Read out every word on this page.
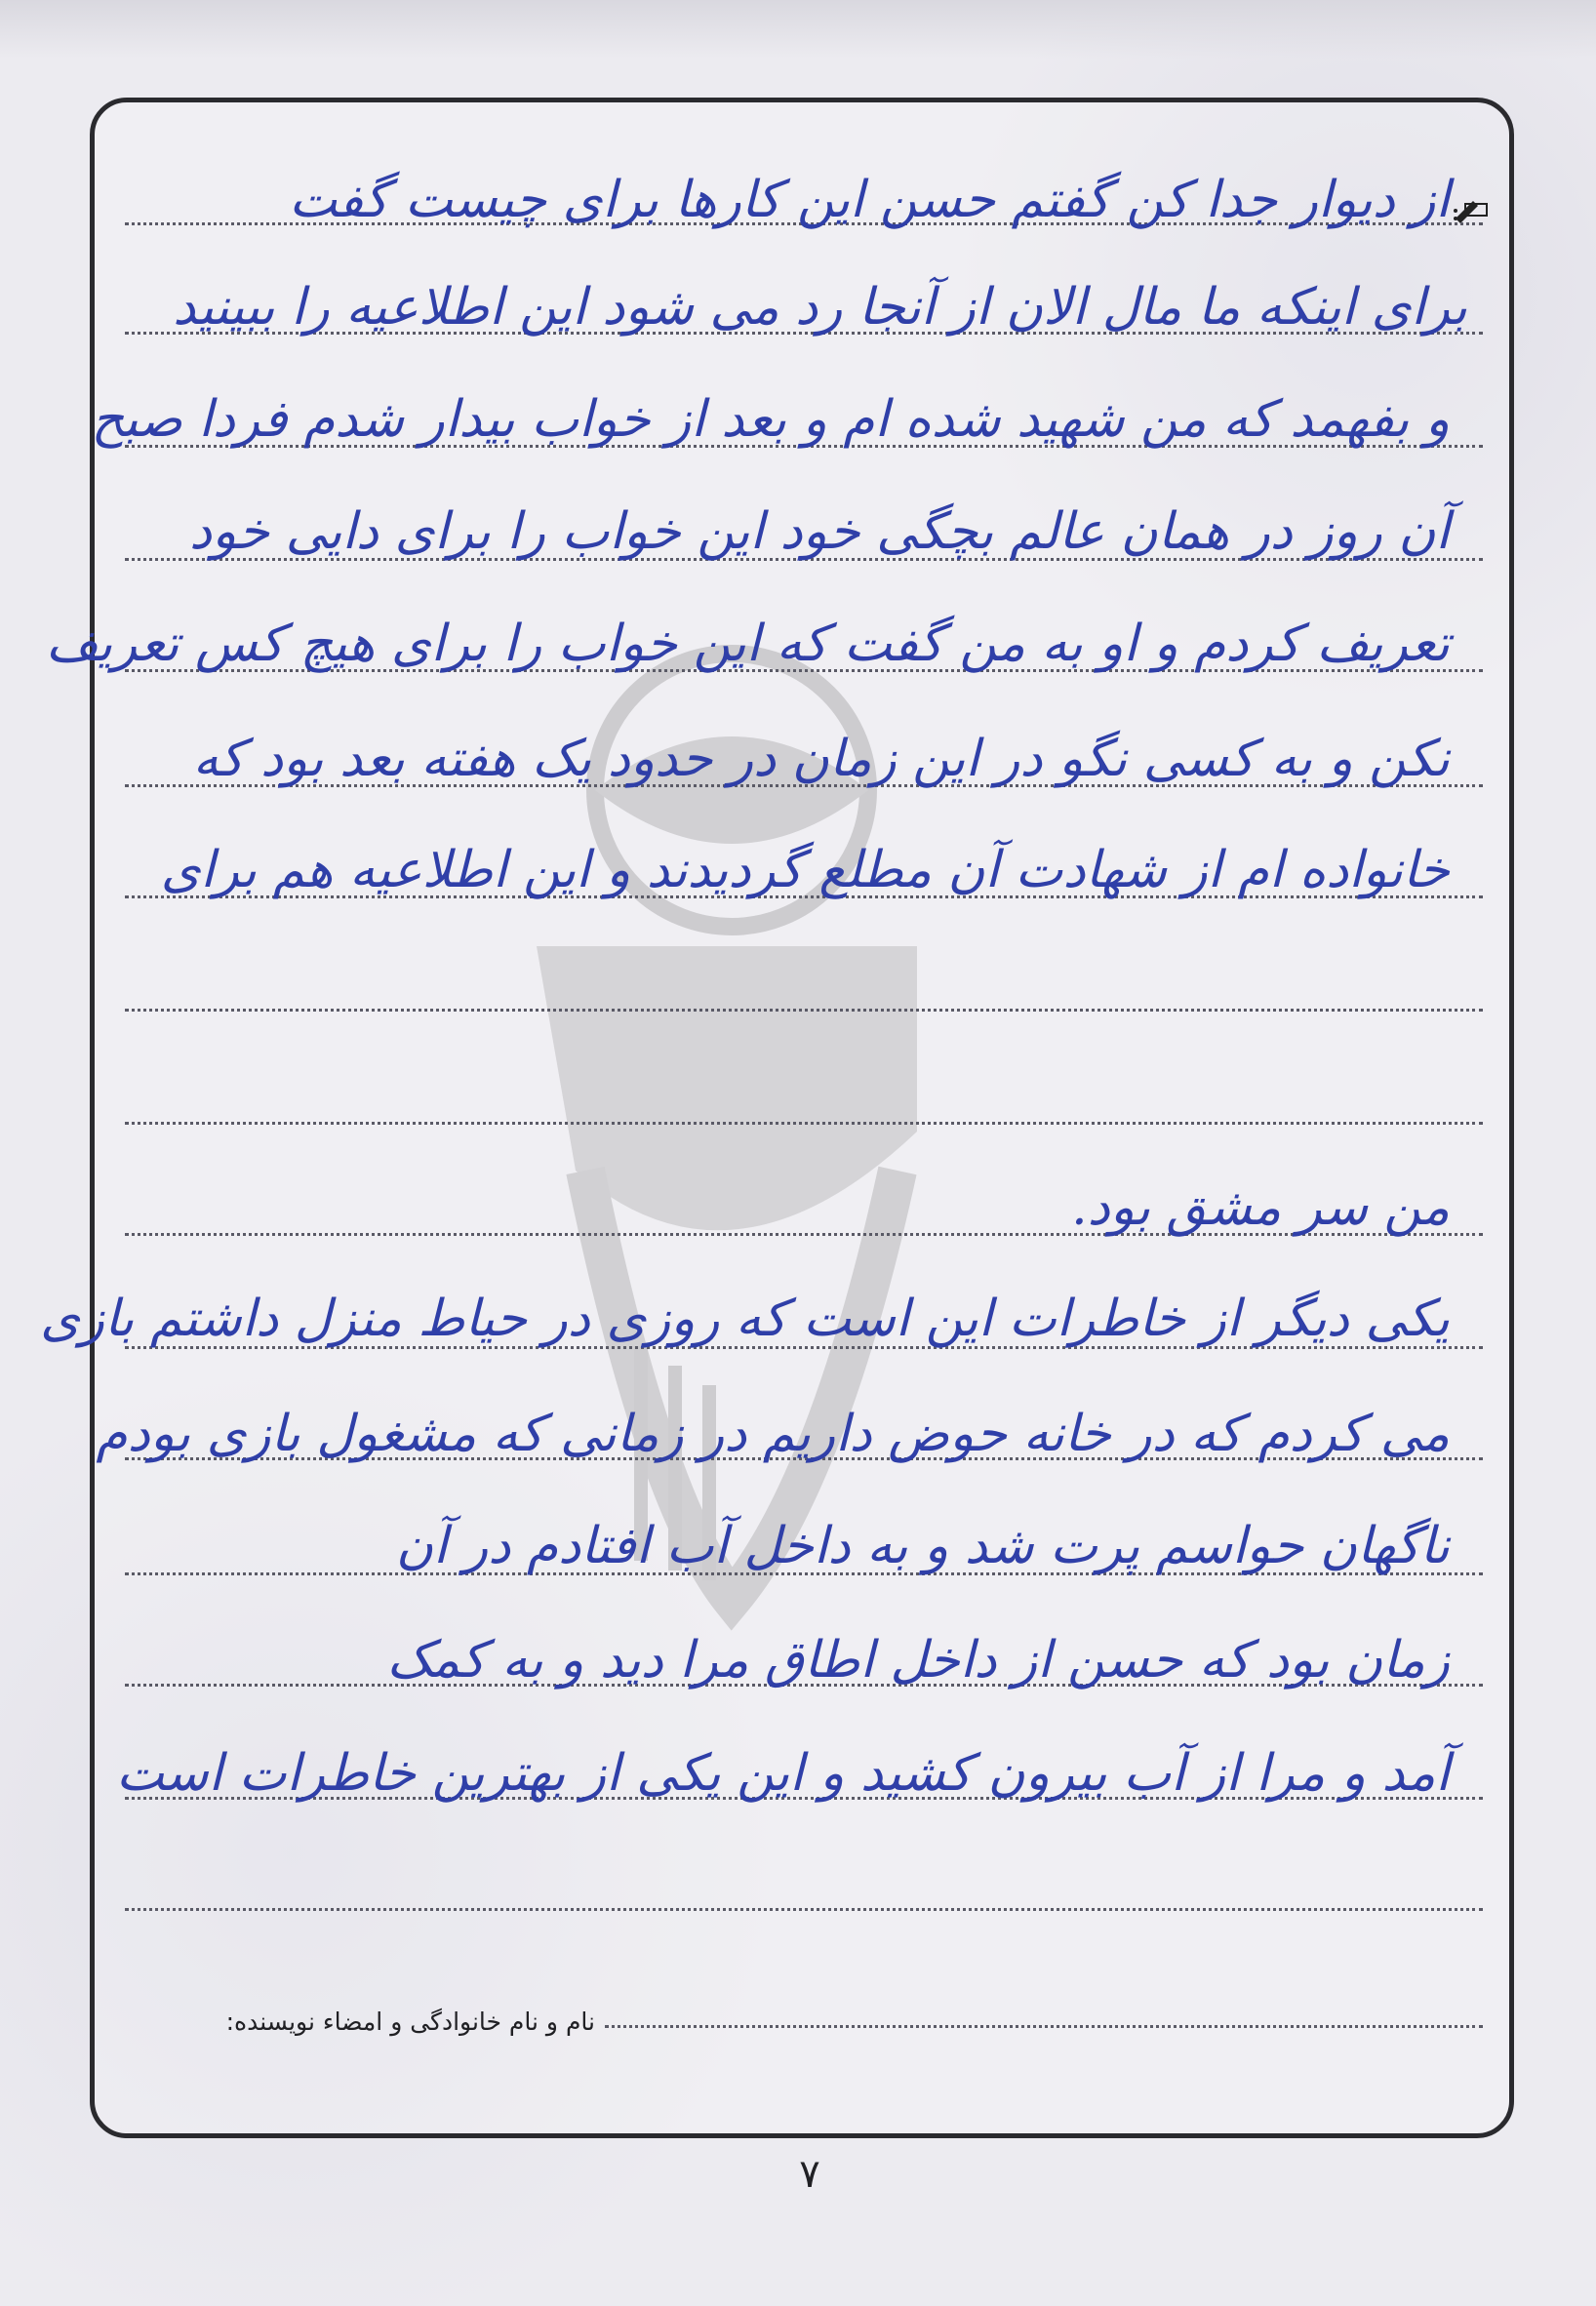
از دیوار جدا کن گفتم حسن این کارها برای چیست گفت
برای اینکه ما مال الان از آنجا رد می شود این اطلاعیه را ببینید
و بفهمد که من شهید شده ام و بعد از خواب بیدار شدم فردا صبح
آن روز در همان عالم بچگی خود این خواب را برای دایی خود
تعریف کردم و او به من گفت که این خواب را برای هیچ کس تعریف
نکن و به کسی نگو در این زمان در حدود یک هفته بعد بود که
خانواده ام از شهادت آن مطلع گردیدند و این اطلاعیه هم برای
من سر مشق بود.
یکی دیگر از خاطرات این است که روزی در حیاط منزل داشتم بازی
می کردم که در خانه حوض داریم در زمانی که مشغول بازی بودم
ناگهان حواسم پرت شد و به داخل آب افتادم در آن
زمان بود که حسن از داخل اطاق مرا دید و به کمک
آمد و مرا از آب بیرون کشید و این یکی از بهترین خاطرات است
نام و نام خانوادگی و امضاء نویسنده:
۷
